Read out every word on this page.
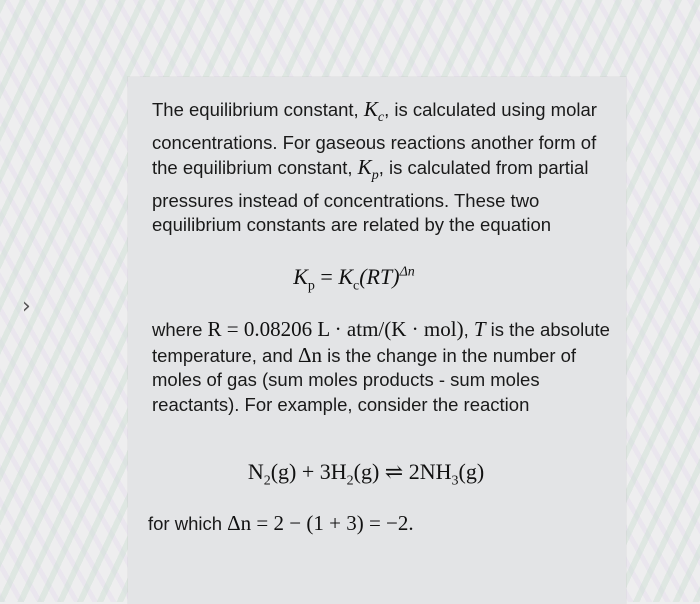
›
The equilibrium constant, $K_c$, is calculated using molar concentrations. For gaseous reactions another form of the equilibrium constant, $K_p$, is calculated from partial pressures instead of concentrations. These two equilibrium constants are related by the equation
$K_p = K_c(RT)^{\Delta n}$
where R = 0.08206 L · atm/(K · mol), T is the absolute temperature, and Δn is the change in the number of moles of gas (sum moles products - sum moles reactants). For example, consider the reaction
$N_2(g) + 3H_2(g)$ ⇌ $2NH_3(g)$
for which Δn = 2 − (1 + 3) = −2.
